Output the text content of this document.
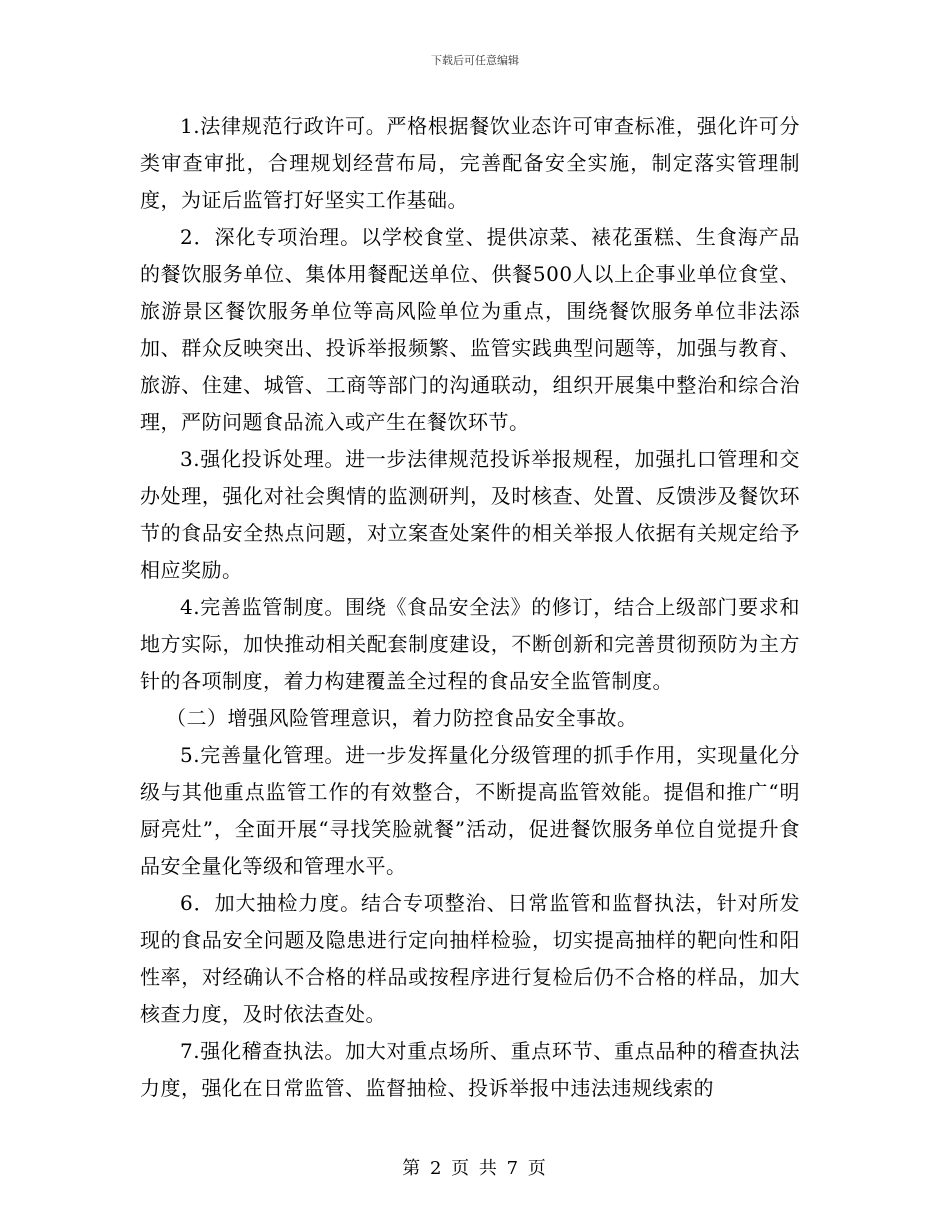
下载后可任意编辑

1.法律规范行政许可。严格根据餐饮业态许可审查标准，强化许可分类审查审批，合理规划经营布局，完善配备安全实施，制定落实管理制度，为证后监管打好坚实工作基础。

2．深化专项治理。以学校食堂、提供凉菜、裱花蛋糕、生食海产品的餐饮服务单位、集体用餐配送单位、供餐500人以上企事业单位食堂、旅游景区餐饮服务单位等高风险单位为重点，围绕餐饮服务单位非法添加、群众反映突出、投诉举报频繁、监管实践典型问题等，加强与教育、旅游、住建、城管、工商等部门的沟通联动，组织开展集中整治和综合治理，严防问题食品流入或产生在餐饮环节。

3.强化投诉处理。进一步法律规范投诉举报规程，加强扎口管理和交办处理，强化对社会舆情的监测研判，及时核查、处置、反馈涉及餐饮环节的食品安全热点问题，对立案查处案件的相关举报人依据有关规定给予相应奖励。

4.完善监管制度。围绕《食品安全法》的修订，结合上级部门要求和地方实际，加快推动相关配套制度建设，不断创新和完善贯彻预防为主方针的各项制度，着力构建覆盖全过程的食品安全监管制度。

（二）增强风险管理意识，着力防控食品安全事故。

5.完善量化管理。进一步发挥量化分级管理的抓手作用，实现量化分级与其他重点监管工作的有效整合，不断提高监管效能。提倡和推广“明厨亮灶”，全面开展“寻找笑脸就餐”活动，促进餐饮服务单位自觉提升食品安全量化等级和管理水平。

6．加大抽检力度。结合专项整治、日常监管和监督执法，针对所发现的食品安全问题及隐患进行定向抽样检验，切实提高抽样的靶向性和阳性率，对经确认不合格的样品或按程序进行复检后仍不合格的样品，加大核查力度，及时依法查处。

7.强化稽查执法。加大对重点场所、重点环节、重点品种的稽查执法力度，强化在日常监管、监督抽检、投诉举报中违法违规线索的

第 2 页 共 7 页
